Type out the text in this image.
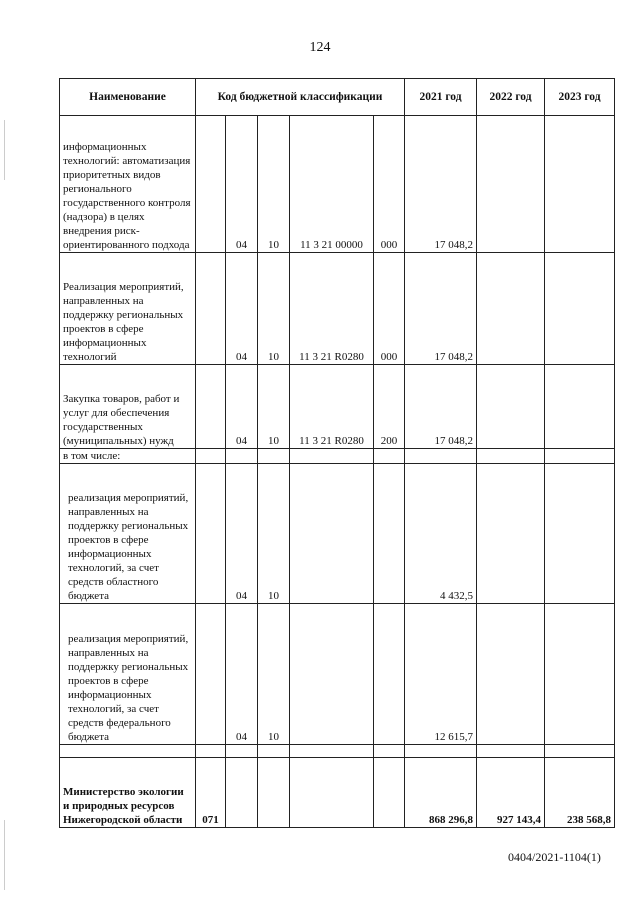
124
Наименование	Код бюджетной классификации					2021 год	2022 год	2023 год
информационных технологий: автоматизация приоритетных видов регионального государственного контроля (надзора) в целях внедрения риск-ориентированного подхода		04	10	11 3 21 00000	000	17 048,2		
Реализация мероприятий, направленных на поддержку региональных проектов в сфере информационных технологий		04	10	11 3 21 R0280	000	17 048,2		
Закупка товаров, работ и услуг для обеспечения государственных (муниципальных) нужд		04	10	11 3 21 R0280	200	17 048,2		
в том числе:								
реализация мероприятий, направленных на поддержку региональных проектов в сфере информационных технологий, за счет средств областного бюджета		04	10			4 432,5		
реализация мероприятий, направленных на поддержку региональных проектов в сфере информационных технологий, за счет средств федерального бюджета		04	10			12 615,7		

Министерство экологии и природных ресурсов Нижегородской области	071					868 296,8	927 143,4	238 568,8
0404/2021-1104(1)
